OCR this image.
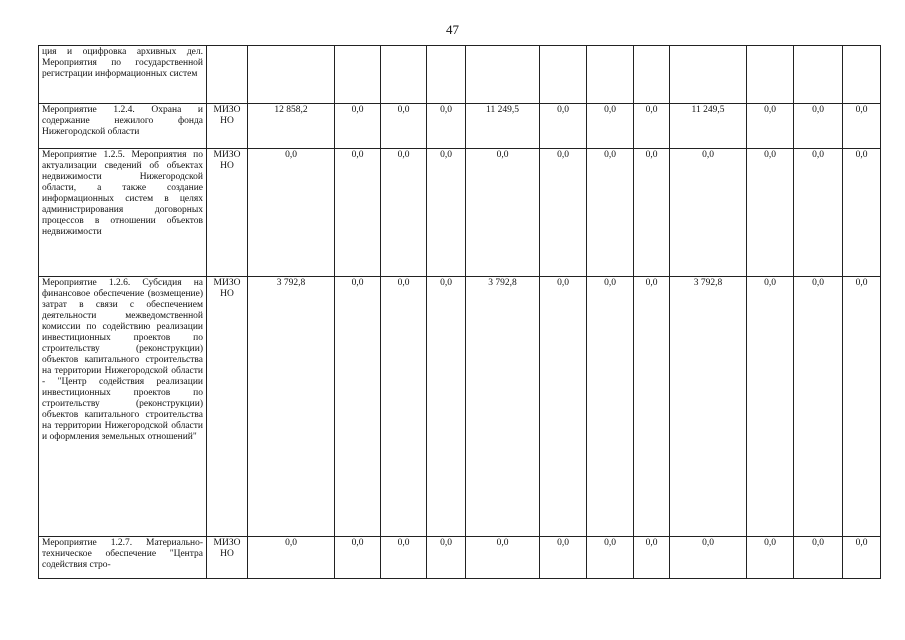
47
ция и оцифровка архивных дел. Мероприятия по государственной регистрации информационных систем													
Мероприятие 1.2.4. Охрана и содержание нежилого фонда Нижегородской области	МИЗО НО	12 858,2	0,0	0,0	0,0	11 249,5	0,0	0,0	0,0	11 249,5	0,0	0,0	0,0
Мероприятие 1.2.5. Мероприятия по актуализации сведений об объектах недвижимости Нижегородской области, а также создание информационных систем в целях администрирования договорных процессов в отношении объектов недвижимости	МИЗО НО	0,0	0,0	0,0	0,0	0,0	0,0	0,0	0,0	0,0	0,0	0,0	0,0
Мероприятие 1.2.6. Субсидия на финансовое обеспечение (возмещение) затрат в связи с обеспечением деятельности межведомственной комиссии по содействию реализации инвестиционных проектов по строительству (реконструкции) объектов капитального строительства на территории Нижегородской области - "Центр содействия реализации инвестиционных проектов по строительству (реконструкции) объектов капитального строительства на территории Нижегородской области и оформления земельных отношений"	МИЗО НО	3 792,8	0,0	0,0	0,0	3 792,8	0,0	0,0	0,0	3 792,8	0,0	0,0	0,0
Мероприятие 1.2.7. Материально-техническое обеспечение "Центра содействия стро-	МИЗО НО	0,0	0,0	0,0	0,0	0,0	0,0	0,0	0,0	0,0	0,0	0,0	0,0
